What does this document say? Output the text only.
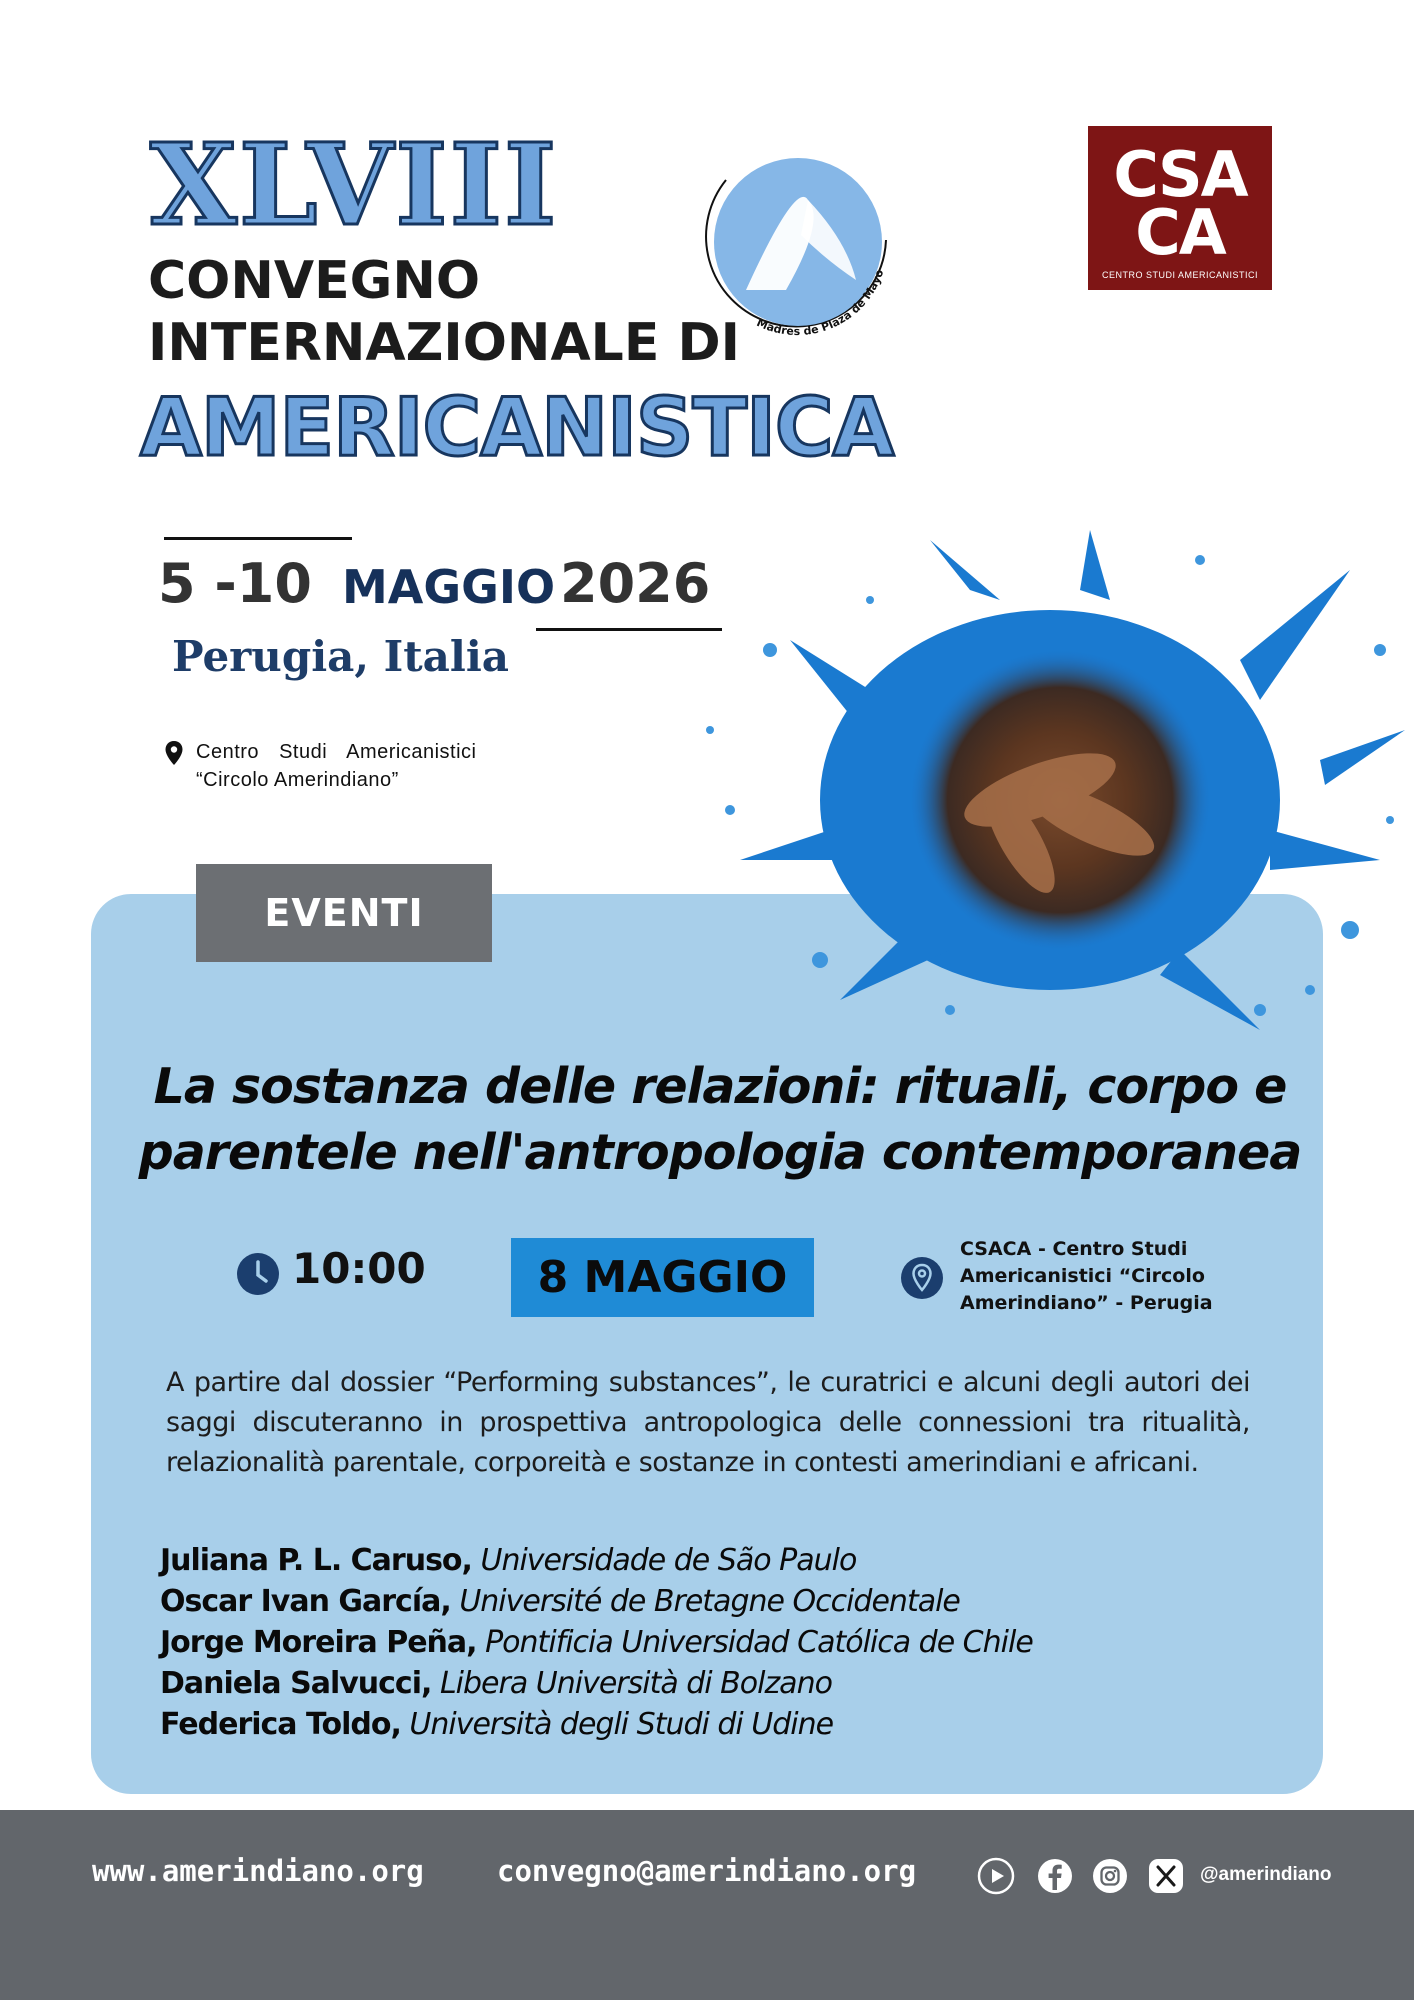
XLVIII
CONVEGNO
INTERNAZIONALE DI
AMERICANISTICA
Madres de Plaza de Mayo
CSA
CA
CENTRO STUDI AMERICANISTICI
5 -10 MAGGIO 2026
Perugia, Italia
Centro Studi Americanistici
“Circolo Amerindiano”
EVENTI
La sostanza delle relazioni: rituali, corpo e
parentele nell'antropologia contemporanea
10:00	8 MAGGIO
CSACA - Centro Studi
Americanistici “Circolo
Amerindiano” - Perugia
A partire dal dossier “Performing substances”, le curatrici e alcuni degli autori dei saggi discuteranno in prospettiva antropologica delle connessioni tra ritualità, relazionalità parentale, corporeità e sostanze in contesti amerindiani e africani.
Juliana P. L. Caruso, Universidade de São Paulo
Oscar Ivan García, Université de Bretagne Occidentale
Jorge Moreira Peña, Pontificia Universidad Católica de Chile
Daniela Salvucci, Libera Università di Bolzano
Federica Toldo, Università degli Studi di Udine
www.amerindiano.org	convegno@amerindiano.org	@amerindiano
